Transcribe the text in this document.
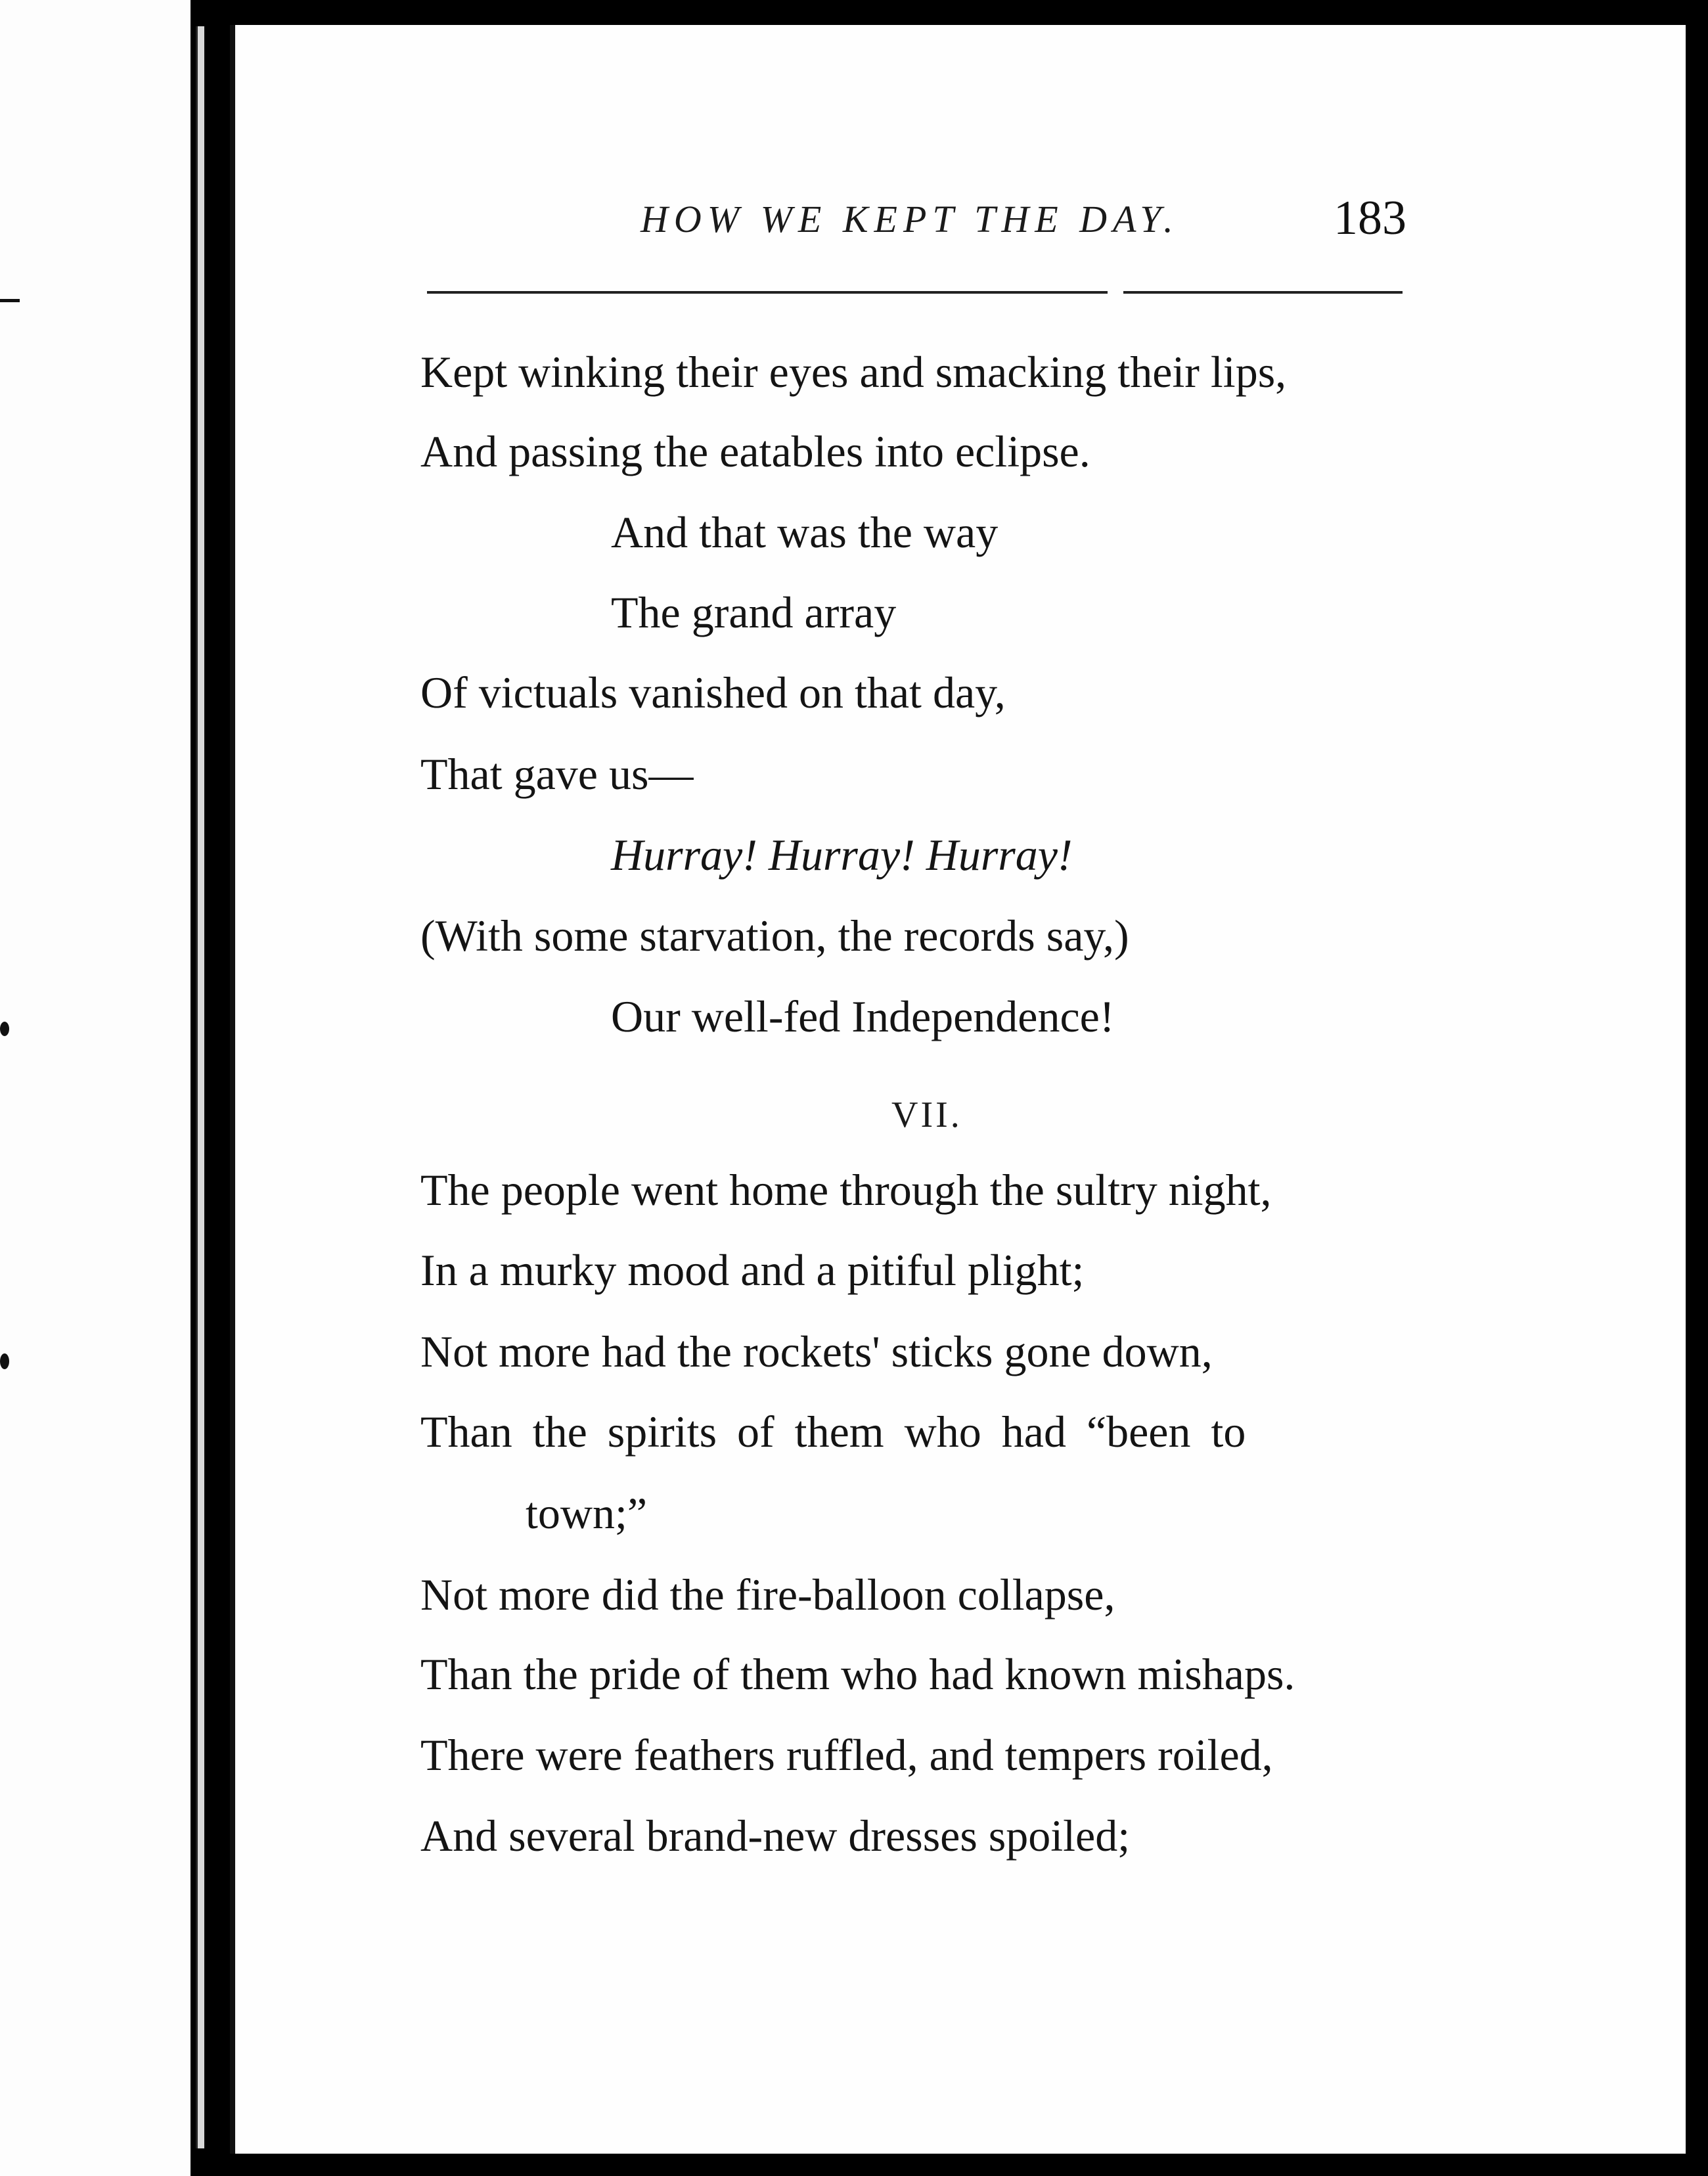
HOW WE KEPT THE DAY.	183
Kept winking their eyes and smacking their lips,
And passing the eatables into eclipse.
And that was the way
The grand array
Of victuals vanished on that day,
That gave us—
Hurray! Hurray! Hurray!
(With some starvation, the records say,)
Our well-fed Independence!
VII.
The people went home through the sultry night,
In a murky mood and a pitiful plight;
Not more had the rockets' sticks gone down,
Than the spirits of them who had “been to
town;”
Not more did the fire-balloon collapse,
Than the pride of them who had known mishaps.
There were feathers ruffled, and tempers roiled,
And several brand-new dresses spoiled;
